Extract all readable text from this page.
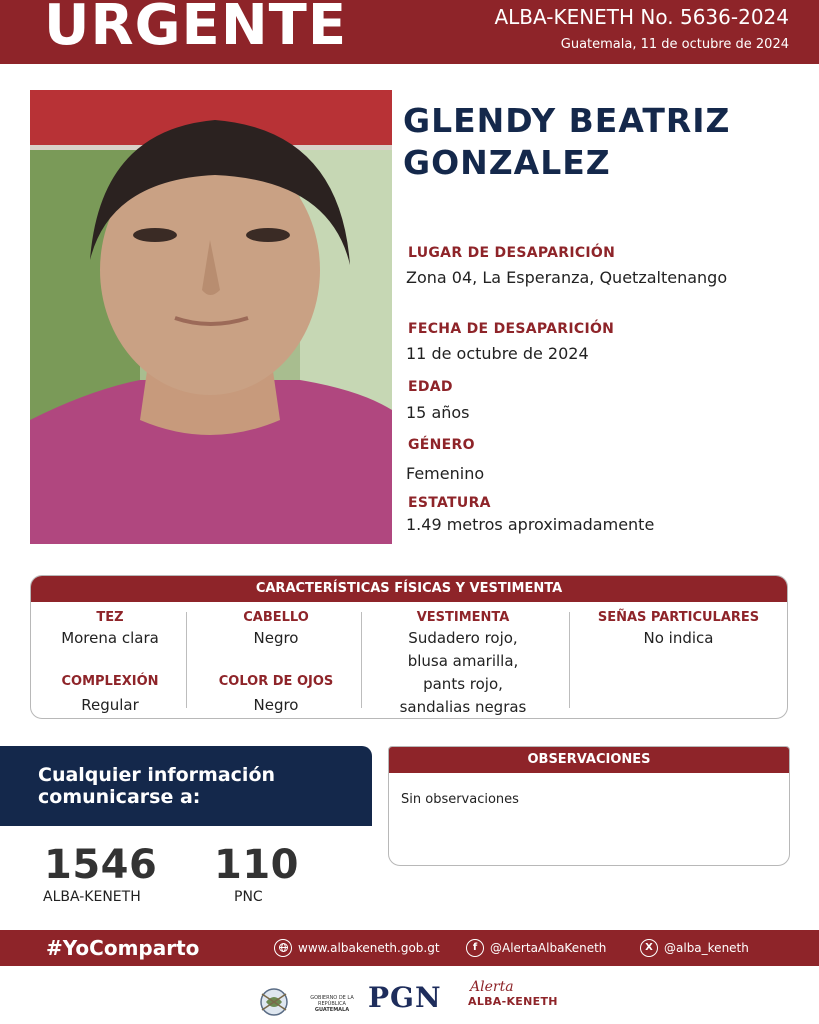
URGENTE	ALBA-KENETH No. 5636-2024
Guatemala, 11 de octubre de 2024
GLENDY BEATRIZ
GONZALEZ
LUGAR DE DESAPARICIÓN
Zona 04, La Esperanza, Quetzaltenango
FECHA DE DESAPARICIÓN
11 de octubre de 2024
EDAD
15 años
GÉNERO
Femenino
ESTATURA
1.49 metros aproximadamente
CARACTERÍSTICAS FÍSICAS Y VESTIMENTA
TEZ
Morena clara
COMPLEXIÓN
Regular
CABELLO
Negro
COLOR DE OJOS
Negro
VESTIMENTA
Sudadero rojo,
blusa amarilla,
pants rojo,
sandalias negras
SEÑAS PARTICULARES
No indica
Cualquier información
comunicarse a:
1546
ALBA-KENETH
110
PNC
OBSERVACIONES
Sin observaciones
#YoComparto	www.albakeneth.gob.gt	f	@AlertaAlbaKeneth	X @alba_keneth
GOBIERNO DE LA REPÚBLICA
GUATEMALA PGN Alerta
ALBA-KENETH
